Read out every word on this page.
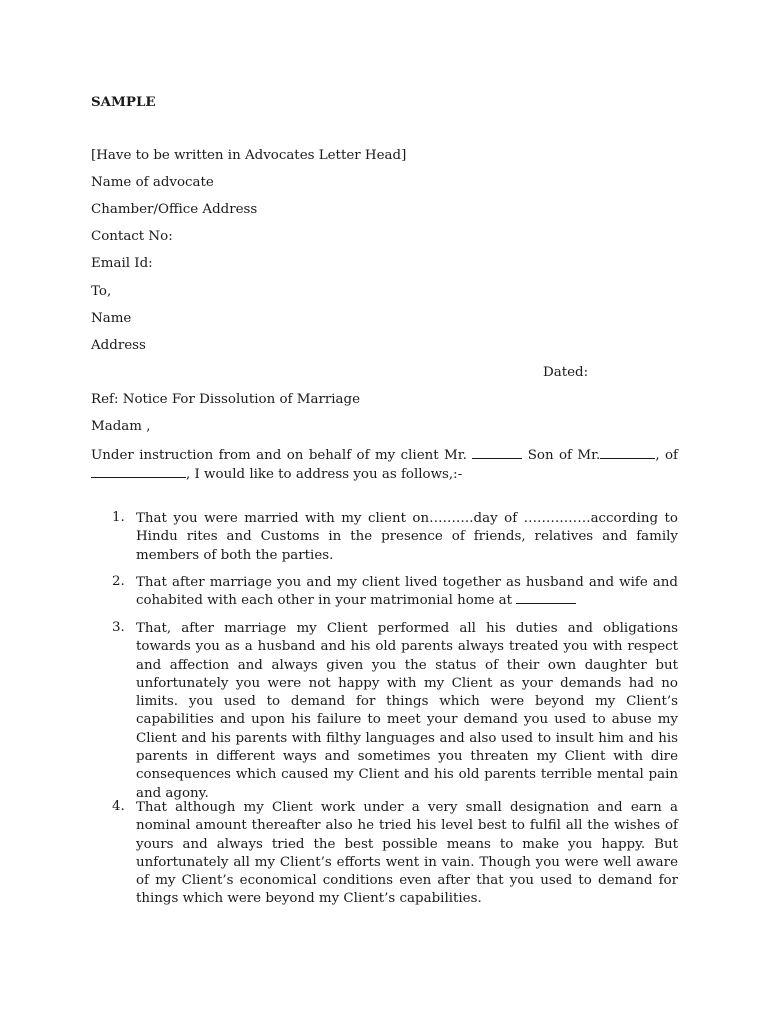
SAMPLE
[Have to be written in Advocates Letter Head]
Name of advocate
Chamber/Office Address
Contact No:
Email Id:
To,
Name
Address
Dated:
Ref: Notice For Dissolution of Marriage
Madam ,
Under instruction from and on behalf of my client Mr.	Son of Mr.	, of , I would like to address you as follows,:-
1. That you were married with my client on……….day of ……………according to Hindu rites and Customs in the presence of friends, relatives and family members of both the parties.
2. That after marriage you and my client lived together as husband and wife and cohabited with each other in your matrimonial home at
3. That, after marriage my Client performed all his duties and obligations towards you as a husband and his old parents always treated you with respect and affection and always given you the status of their own daughter but unfortunately you were not happy with my Client as your demands had no limits. you used to demand for things which were beyond my Client’s capabilities and upon his failure to meet your demand you used to abuse my Client and his parents with filthy languages and also used to insult him and his parents in different ways and sometimes you threaten my Client with dire consequences which caused my Client and his old parents terrible mental pain and agony.
4. That although my Client work under a very small designation and earn a nominal amount thereafter also he tried his level best to fulfil all the wishes of yours and always tried the best possible means to make you happy. But unfortunately all my Client’s efforts went in vain. Though you were well aware of my Client’s economical conditions even after that you used to demand for things which were beyond my Client’s capabilities.
